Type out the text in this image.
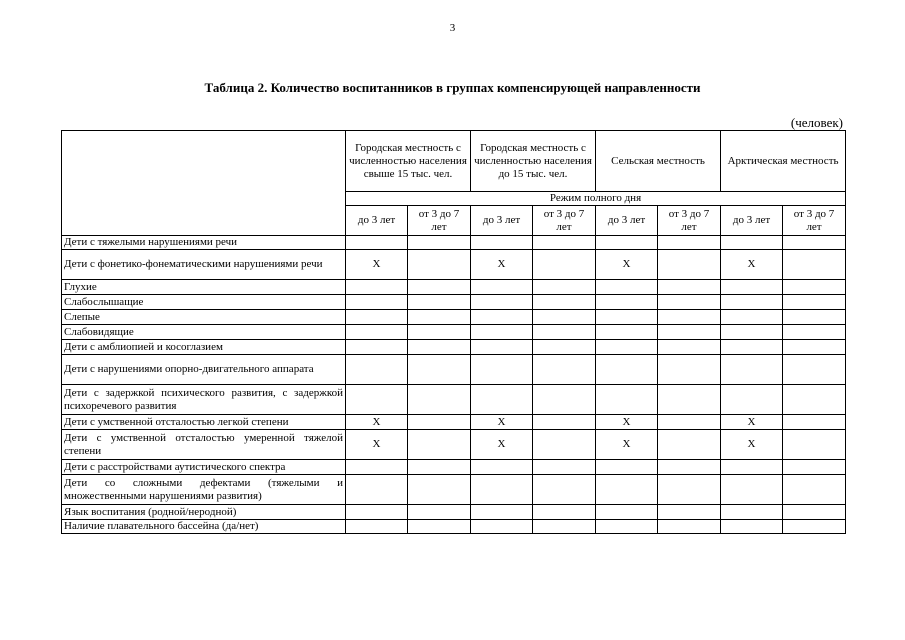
3
Таблица 2. Количество воспитанников в группах компенсирующей направленности
(человек)
	Городская местность с численностью населения свыше 15 тыс. чел.		Городская местность с численностью населения до 15 тыс. чел.		Сельская местность		Арктическая местность	
	Режим полного дня							
	до 3 лет	от 3 до 7 лет	до 3 лет	от 3 до 7 лет	до 3 лет	от 3 до 7 лет	до 3 лет	от 3 до 7 лет
Дети с тяжелыми нарушениями речи								
Дети с фонетико-фонематическими нарушениями речи	X		X		X		X	
Глухие								
Слабослышащие								
Слепые								
Слабовидящие								
Дети с амблиопией и косоглазием								
Дети с нарушениями опорно-двигательного аппарата								
Дети с задержкой психического развития, с задержкой психоречевого развития								
Дети с умственной отсталостью легкой степени	X		X		X		X	
Дети с умственной отсталостью умеренной тяжелой степени	X		X		X		X	
Дети с расстройствами аутистического спектра								
Дети со сложными дефектами (тяжелыми и множественными нарушениями развития)								
Язык воспитания (родной/неродной)								
Наличие плавательного бассейна (да/нет)								
